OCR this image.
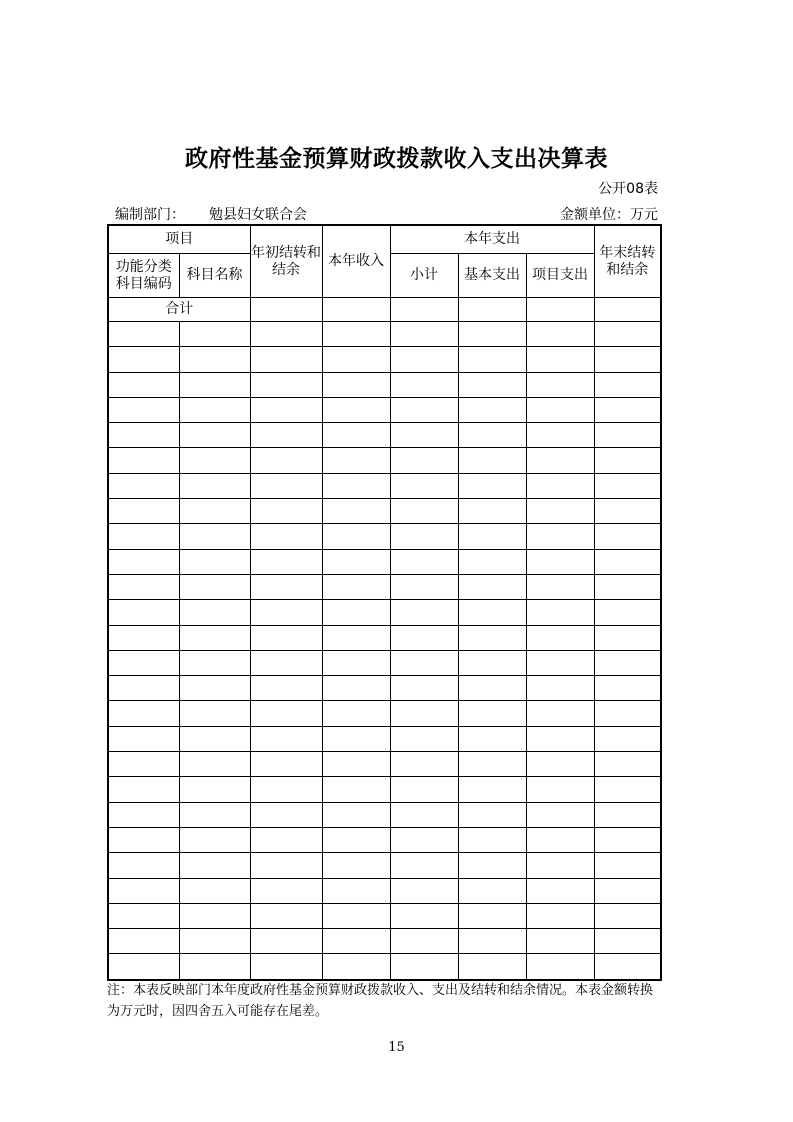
政府性基金预算财政拨款收入支出决算表
公开08表
编制部门： 勉县妇女联合会	金额单位：万元
项目		年初结转和结余	本年收入	本年支出			年末结转和结余
功能分类科目编码	科目名称			小计	基本支出	项目支出	
合计							

注：本表反映部门本年度政府性基金预算财政拨款收入、支出及结转和结余情况。本表金额转换为万元时，因四舍五入可能存在尾差。
15
